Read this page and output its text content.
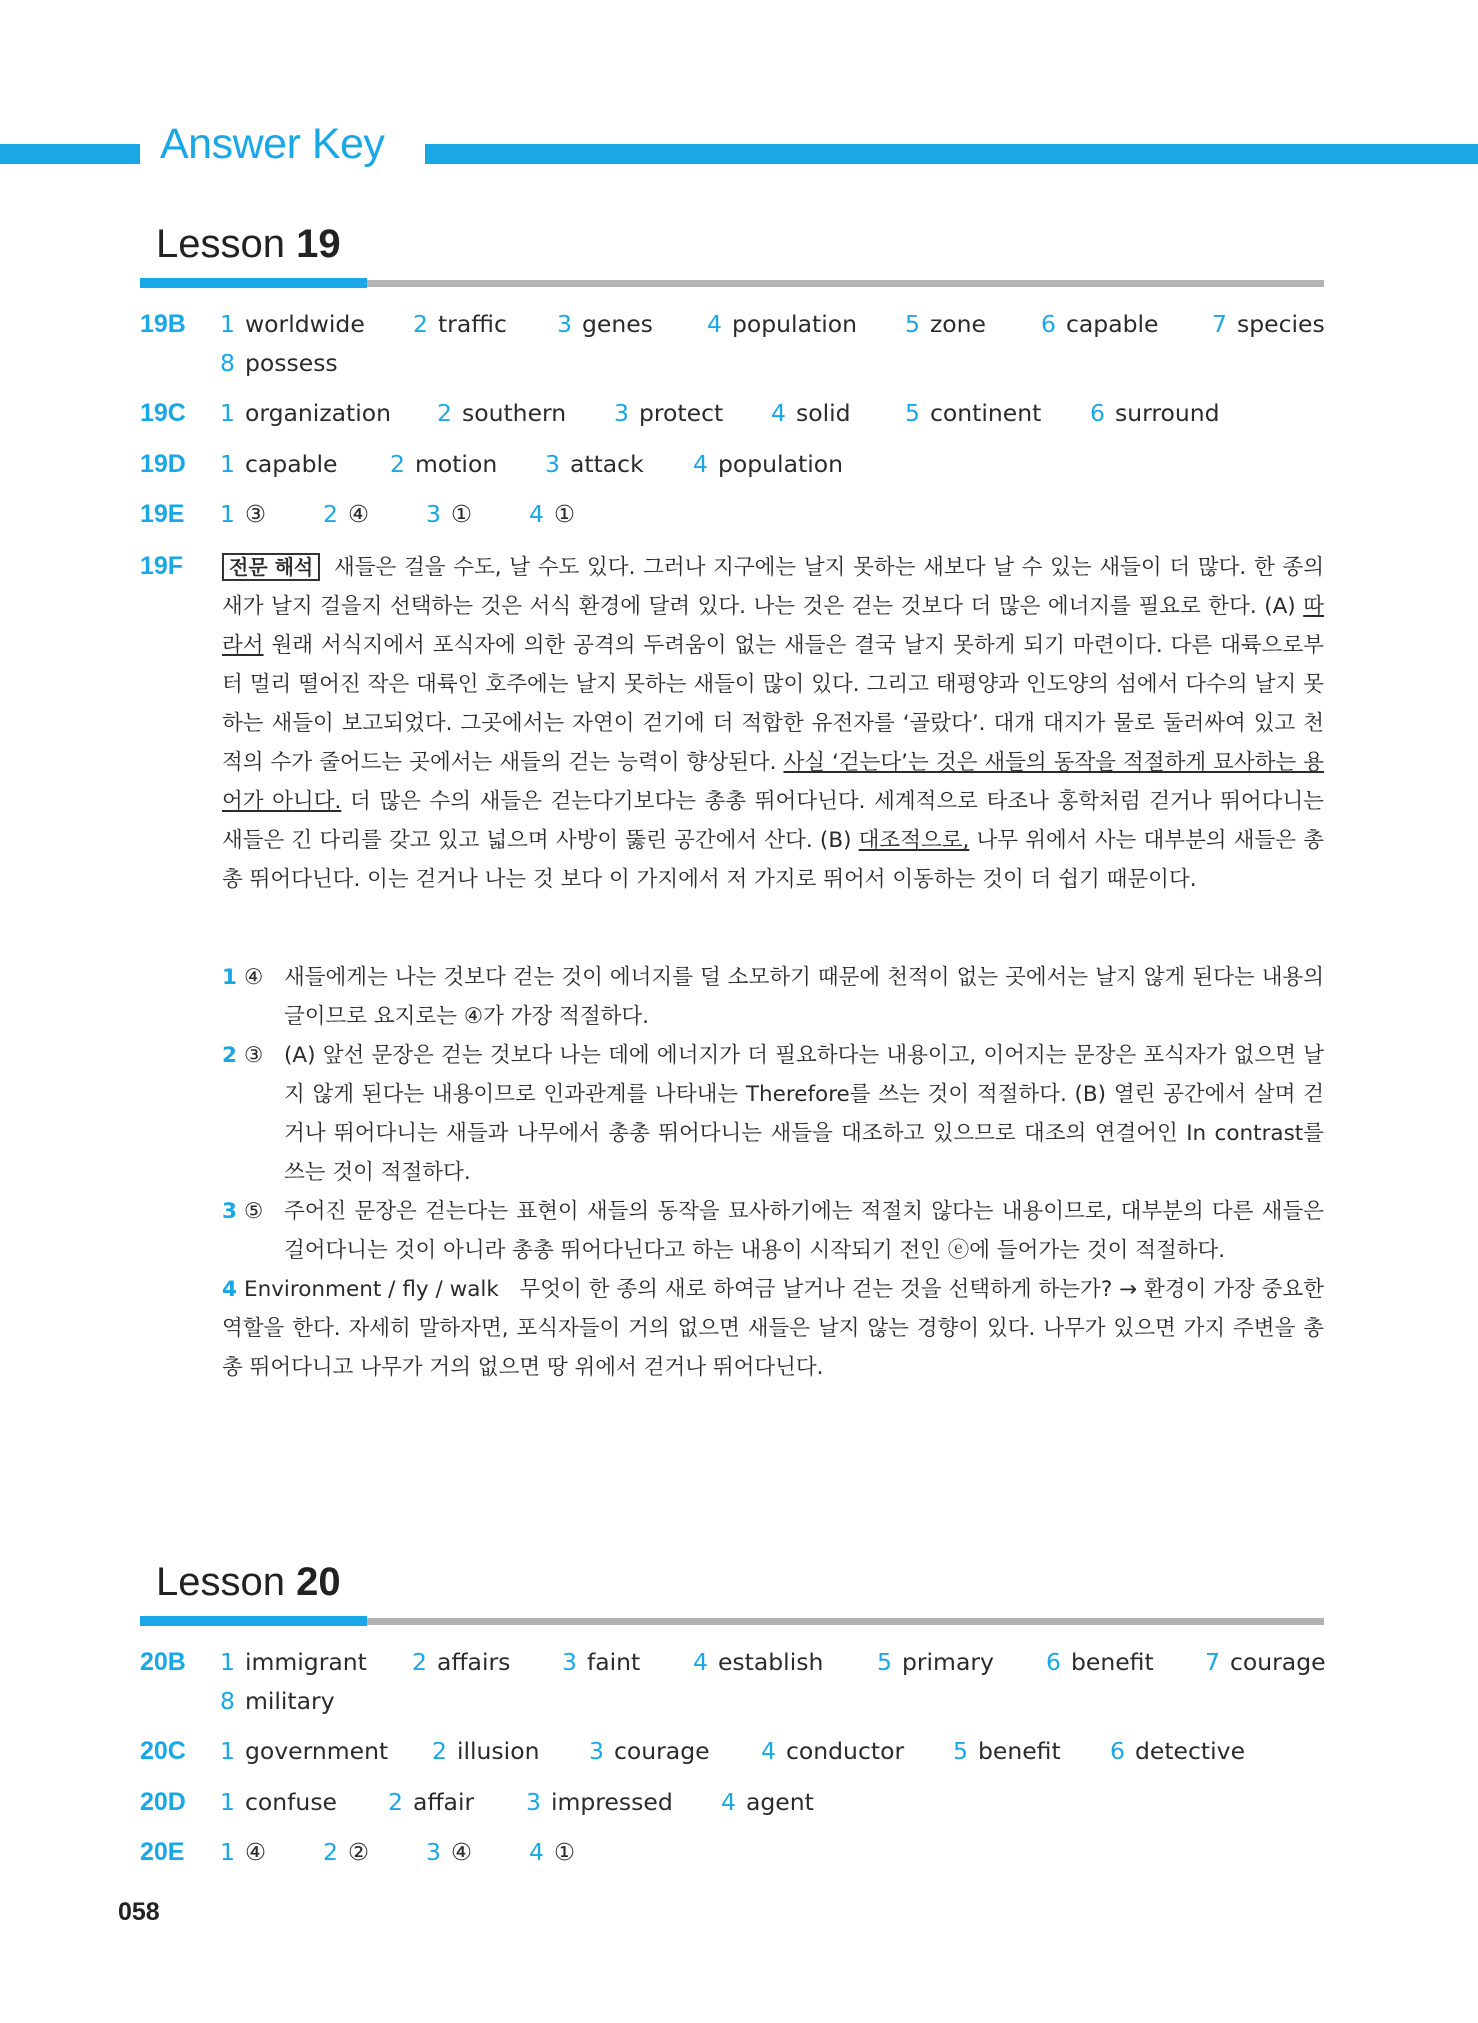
Answer Key
Lesson 19
19B 1 worldwide 2 traffic 3 genes 4 population 5 zone 6 capable 7 species
8 possess
19C 1 organization 2 southern 3 protect 4 solid 5 continent 6 surround
19D 1 capable 2 motion 3 attack 4 population
19E 1 ③ 2 ④ 3 ① 4 ①
19F	전문 해석 새들은 걸을 수도, 날 수도 있다. 그러나 지구에는 날지 못하는 새보다 날 수 있는 새들이 더 많다. 한 종의 새가 날지 걸을지 선택하는 것은 서식 환경에 달려 있다. 나는 것은 걷는 것보다 더 많은 에너지를 필요로 한다. (A) 따라서 원래 서식지에서 포식자에 의한 공격의 두려움이 없는 새들은 결국 날지 못하게 되기 마련이다. 다른 대륙으로부터 멀리 떨어진 작은 대륙인 호주에는 날지 못하는 새들이 많이 있다. 그리고 태평양과 인도양의 섬에서 다수의 날지 못하는 새들이 보고되었다. 그곳에서는 자연이 걷기에 더 적합한 유전자를 ‘골랐다’. 대개 대지가 물로 둘러싸여 있고 천적의 수가 줄어드는 곳에서는 새들의 걷는 능력이 향상된다. 사실 ‘걷는다’는 것은 새들의 동작을 적절하게 묘사하는 용어가 아니다. 더 많은 수의 새들은 걷는다기보다는 총총 뛰어다닌다. 세계적으로 타조나 홍학처럼 걷거나 뛰어다니는 새들은 긴 다리를 갖고 있고 넓으며 사방이 뚫린 공간에서 산다. (B) 대조적으로, 나무 위에서 사는 대부분의 새들은 총총 뛰어다닌다. 이는 걷거나 나는 것 보다 이 가지에서 저 가지로 뛰어서 이동하는 것이 더 쉽기 때문이다.
1 ④ 새들에게는 나는 것보다 걷는 것이 에너지를 덜 소모하기 때문에 천적이 없는 곳에서는 날지 않게 된다는 내용의 글이므로 요지로는 ④가 가장 적절하다.
2 ③ (A) 앞선 문장은 걷는 것보다 나는 데에 에너지가 더 필요하다는 내용이고, 이어지는 문장은 포식자가 없으면 날지 않게 된다는 내용이므로 인과관계를 나타내는 Therefore를 쓰는 것이 적절하다. (B) 열린 공간에서 살며 걷거나 뛰어다니는 새들과 나무에서 총총 뛰어다니는 새들을 대조하고 있으므로 대조의 연결어인 In contrast를 쓰는 것이 적절하다.
3 ⑤ 주어진 문장은 걷는다는 표현이 새들의 동작을 묘사하기에는 적절치 않다는 내용이므로, 대부분의 다른 새들은 걸어다니는 것이 아니라 총총 뛰어다닌다고 하는 내용이 시작되기 전인 ⓔ에 들어가는 것이 적절하다.
4 Environment / fly / walk 무엇이 한 종의 새로 하여금 날거나 걷는 것을 선택하게 하는가? → 환경이 가장 중요한 역할을 한다. 자세히 말하자면, 포식자들이 거의 없으면 새들은 날지 않는 경향이 있다. 나무가 있으면 가지 주변을 총총 뛰어다니고 나무가 거의 없으면 땅 위에서 걷거나 뛰어다닌다.
Lesson 20
20B 1 immigrant 2 affairs 3 faint 4 establish 5 primary 6 benefit 7 courage
8 military
20C 1 government 2 illusion 3 courage 4 conductor 5 benefit 6 detective
20D 1 confuse 2 affair 3 impressed 4 agent
20E 1 ④ 2 ② 3 ④ 4 ①
058
